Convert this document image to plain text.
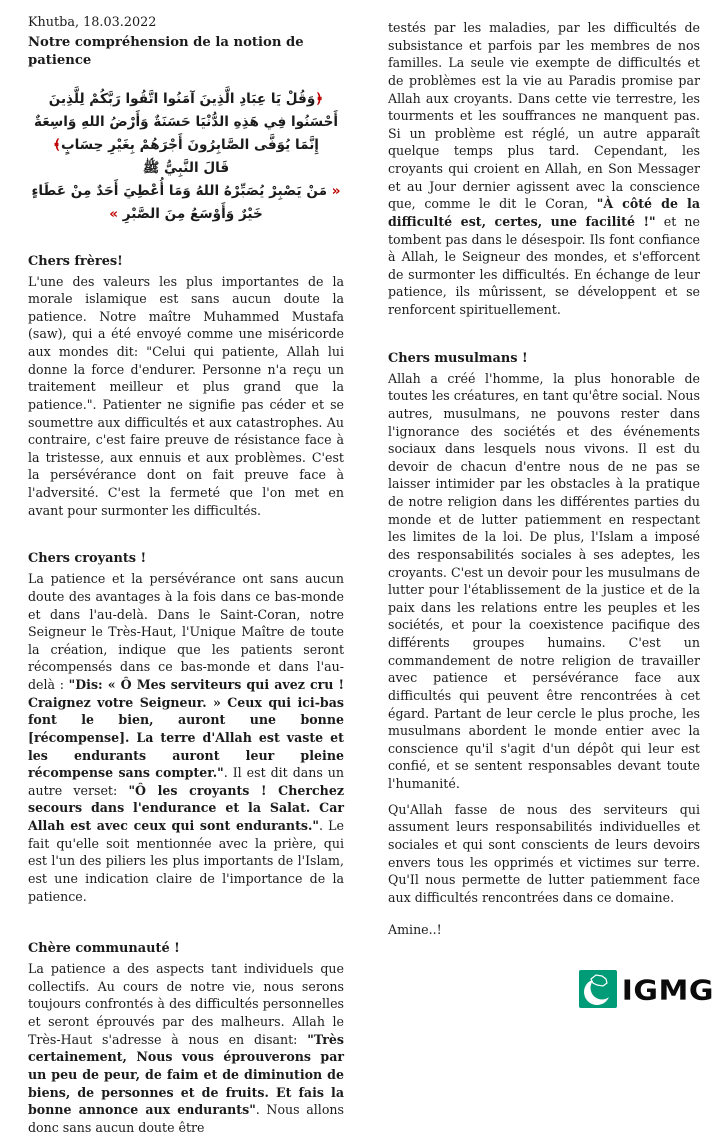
Khutba, 18.03.2022
Notre compréhension de la notion de patience
﴿وَقُلْ يَا عِبَادِ الَّذِينَ آمَنُوا اتَّقُوا رَبَّكُمْ لِلَّذِينَ أَحْسَنُوا فِي هَذِهِ الدُّنْيَا حَسَنَةٌ وَأَرْضُ اللهِ وَاسِعَةٌ إِنَّمَا يُوَفَّى الصَّابِرُونَ أَجْرَهُمْ بِغَيْرِ حِسَابٍ﴾
قَالَ النَّبِيُّ ﷺ
« مَنْ يَصْبِرْ يُصَبِّرْهُ اللهُ وَمَا أُعْطِيَ أَحَدٌ مِنْ عَطَاءٍ خَيْرٌ وَأَوْسَعُ مِنَ الصَّبْرِ »
Chers frères!

L'une des valeurs les plus importantes de la morale islamique est sans aucun doute la patience. Notre maître Muhammed Mustafa (saw), qui a été envoyé comme une miséricorde aux mondes dit: "Celui qui patiente, Allah lui donne la force d'endurer. Personne n'a reçu un traitement meilleur et plus grand que la patience.". Patienter ne signifie pas céder et se soumettre aux difficultés et aux catastrophes. Au contraire, c'est faire preuve de résistance face à la tristesse, aux ennuis et aux problèmes. C'est la persévérance dont on fait preuve face à l'adversité. C'est la fermeté que l'on met en avant pour surmonter les difficultés.

Chers croyants !

La patience et la persévérance ont sans aucun doute des avantages à la fois dans ce bas-monde et dans l'au-delà. Dans le Saint-Coran, notre Seigneur le Très-Haut, l'Unique Maître de toute la création, indique que les patients seront récompensés dans ce bas-monde et dans l'au-delà : "Dis: « Ô Mes serviteurs qui avez cru ! Craignez votre Seigneur. » Ceux qui ici-bas font le bien, auront une bonne [récompense]. La terre d'Allah est vaste et les endurants auront leur pleine récompense sans compter.". Il est dit dans un autre verset: "Ô les croyants ! Cherchez secours dans l'endurance et la Salat. Car Allah est avec ceux qui sont endurants.". Le fait qu'elle soit mentionnée avec la prière, qui est l'un des piliers les plus importants de l'Islam, est une indication claire de l'importance de la patience.

Chère communauté !

La patience a des aspects tant individuels que collectifs. Au cours de notre vie, nous serons toujours confrontés à des difficultés personnelles et seront éprouvés par des malheurs. Allah le Très-Haut s'adresse à nous en disant: "Très certainement, Nous vous éprouverons par un peu de peur, de faim et de diminution de biens, de personnes et de fruits. Et fais la bonne annonce aux endurants". Nous allons donc sans aucun doute être

testés par les maladies, par les difficultés de subsistance et parfois par les membres de nos familles. La seule vie exempte de difficultés et de problèmes est la vie au Paradis promise par Allah aux croyants. Dans cette vie terrestre, les tourments et les souffrances ne manquent pas. Si un problème est réglé, un autre apparaît quelque temps plus tard. Cependant, les croyants qui croient en Allah, en Son Messager et au Jour dernier agissent avec la conscience que, comme le dit le Coran, "À côté de la difficulté est, certes, une facilité !" et ne tombent pas dans le désespoir. Ils font confiance à Allah, le Seigneur des mondes, et s'efforcent de surmonter les difficultés. En échange de leur patience, ils mûrissent, se développent et se renforcent spirituellement.

Chers musulmans !

Allah a créé l'homme, la plus honorable de toutes les créatures, en tant qu'être social. Nous autres, musulmans, ne pouvons rester dans l'ignorance des sociétés et des événements sociaux dans lesquels nous vivons. Il est du devoir de chacun d'entre nous de ne pas se laisser intimider par les obstacles à la pratique de notre religion dans les différentes parties du monde et de lutter patiemment en respectant les limites de la loi. De plus, l'Islam a imposé des responsabilités sociales à ses adeptes, les croyants. C'est un devoir pour les musulmans de lutter pour l'établissement de la justice et de la paix dans les relations entre les peuples et les sociétés, et pour la coexistence pacifique des différents groupes humains. C'est un commandement de notre religion de travailler avec patience et persévérance face aux difficultés qui peuvent être rencontrées à cet égard. Partant de leur cercle le plus proche, les musulmans abordent le monde entier avec la conscience qu'il s'agit d'un dépôt qui leur est confié, et se sentent responsables devant toute l'humanité.

Qu'Allah fasse de nous des serviteurs qui assument leurs responsabilités individuelles et sociales et qui sont conscients de leurs devoirs envers tous les opprimés et victimes sur terre. Qu'Il nous permette de lutter patiemment face aux difficultés rencontrées dans ce domaine.

Amine..!
IGMG
